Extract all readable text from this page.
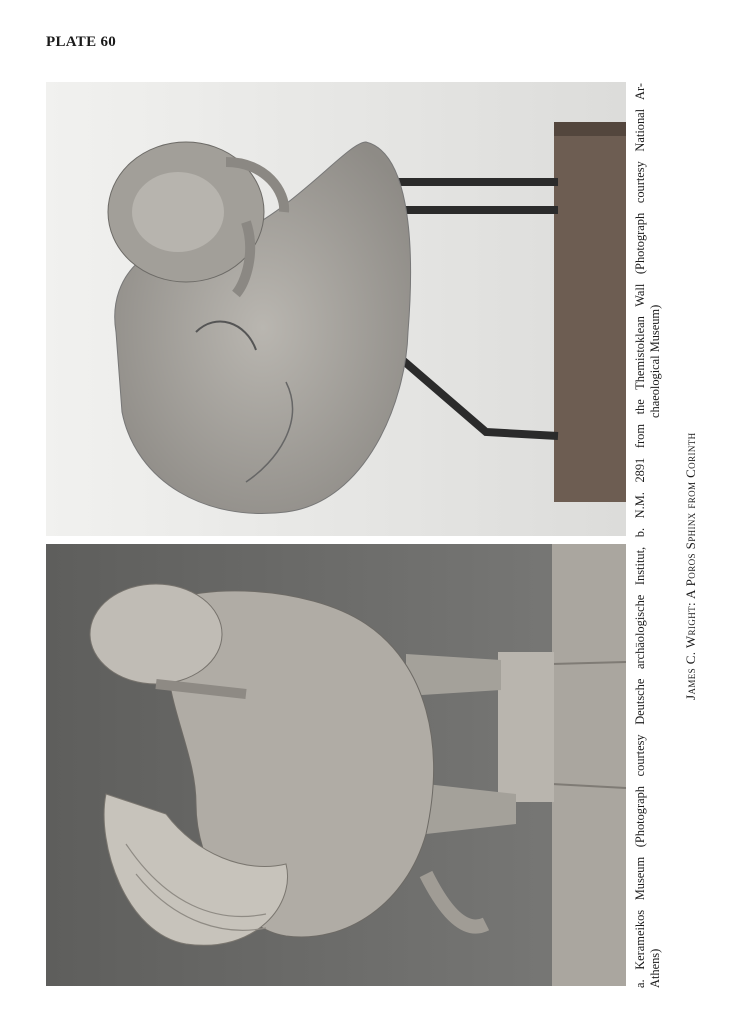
PLATE 60
a. Kerameikos Museum (Photograph courtesy Deutsche archäologische Institut, b. N.M. 2891 from the Themistoklean Wall (Photograph courtesy National Ar- Athens)
chaeological Museum)
James C. Wright: A Poros Sphinx from Corinth
